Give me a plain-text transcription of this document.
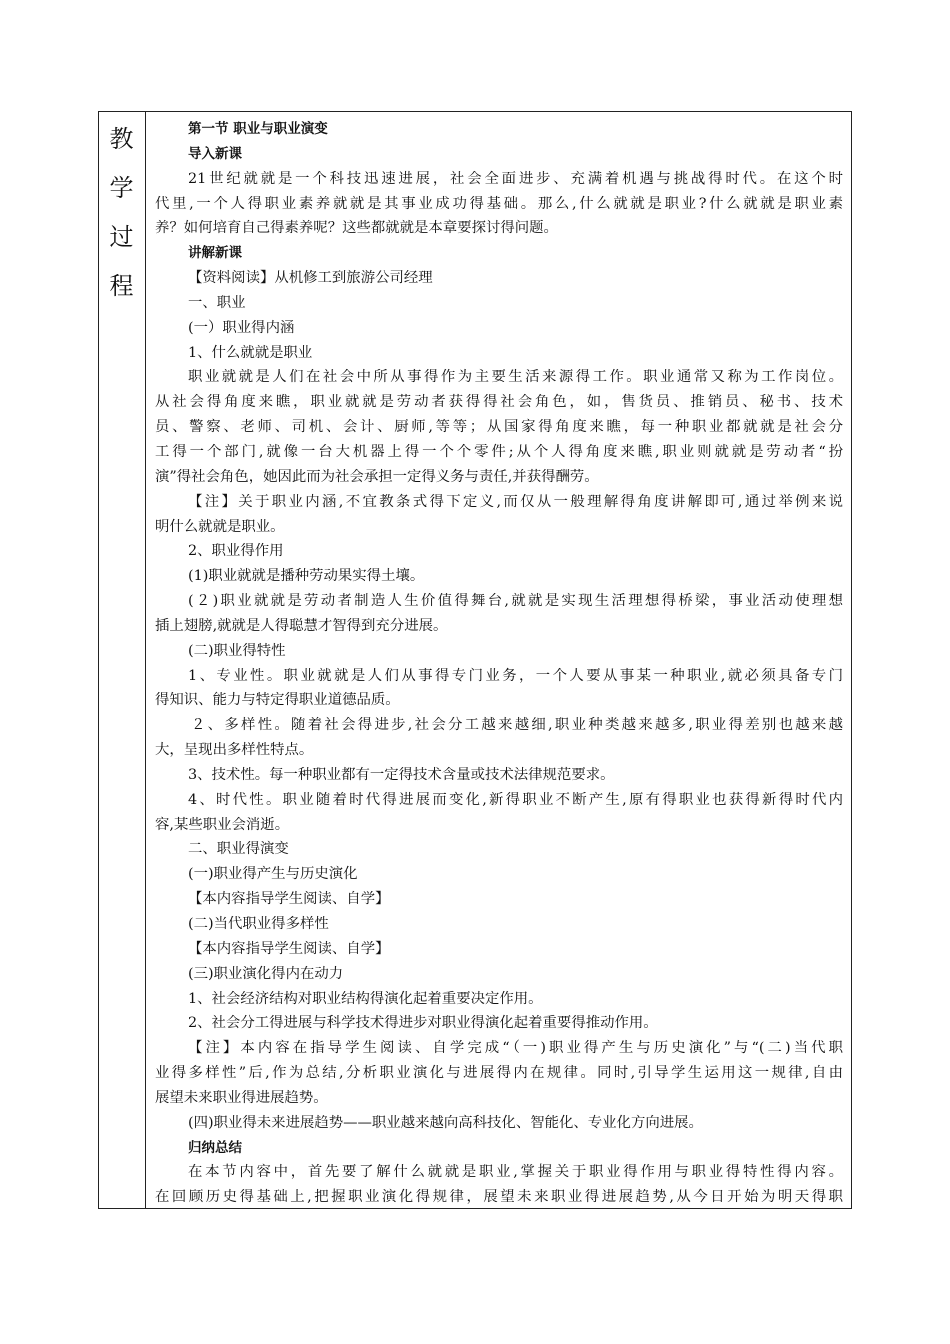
教
学
过
程
第一节 职业与职业演变
导入新课
21世纪就就是一个科技迅速进展，社会全面进步、充满着机遇与挑战得时代。在这个时
代里,一个人得职业素养就就是其事业成功得基础。那么,什么就就是职业?什么就就是职业素
养？如何培育自己得素养呢？这些都就就是本章要探讨得问题。
讲解新课
【资料阅读】从机修工到旅游公司经理
一、职业
(一）职业得内涵
1、什么就就是职业
职业就就是人们在社会中所从事得作为主要生活来源得工作。职业通常又称为工作岗位。
从社会得角度来瞧，职业就就是劳动者获得得社会角色，如，售货员、推销员、秘书、技术
员、警察、老师、司机、会计、厨师,等等；从国家得角度来瞧，每一种职业都就就是社会分
工得一个部门,就像一台大机器上得一个个零件;从个人得角度来瞧,职业则就就是劳动者“扮
演”得社会角色，她因此而为社会承担一定得义务与责任,并获得酬劳。
【注】关于职业内涵,不宜教条式得下定义,而仅从一般理解得角度讲解即可,通过举例来说
明什么就就是职业。
2、职业得作用
(1)职业就就是播种劳动果实得土壤。
(２)职业就就是劳动者制造人生价值得舞台,就就是实现生活理想得桥梁，事业活动使理想
插上翅膀,就就是人得聪慧才智得到充分进展。
(二)职业得特性
1、专业性。职业就就是人们从事得专门业务，一个人要从事某一种职业,就必须具备专门
得知识、能力与特定得职业道德品质。
２、多样性。随着社会得进步,社会分工越来越细,职业种类越来越多,职业得差别也越来越
大，呈现出多样性特点。
3、技术性。每一种职业都有一定得技术含量或技术法律规范要求。
4、时代性。职业随着时代得进展而变化,新得职业不断产生,原有得职业也获得新得时代内
容,某些职业会消逝。
二、职业得演变
(一)职业得产生与历史演化
【本内容指导学生阅读、自学】
(二)当代职业得多样性
【本内容指导学生阅读、自学】
(三)职业演化得内在动力
1、社会经济结构对职业结构得演化起着重要决定作用。
2、社会分工得进展与科学技术得进步对职业得演化起着重要得推动作用。
【注】本内容在指导学生阅读、自学完成“（一)职业得产生与历史演化”与“(二)当代职
业得多样性”后,作为总结,分析职业演化与进展得内在规律。同时,引导学生运用这一规律,自由
展望未来职业得进展趋势。
(四)职业得未来进展趋势——职业越来越向高科技化、智能化、专业化方向进展。
归纳总结
在本节内容中，首先要了解什么就就是职业,掌握关于职业得作用与职业得特性得内容。
在回顾历史得基础上,把握职业演化得规律，展望未来职业得进展趋势,从今日开始为明天得职
